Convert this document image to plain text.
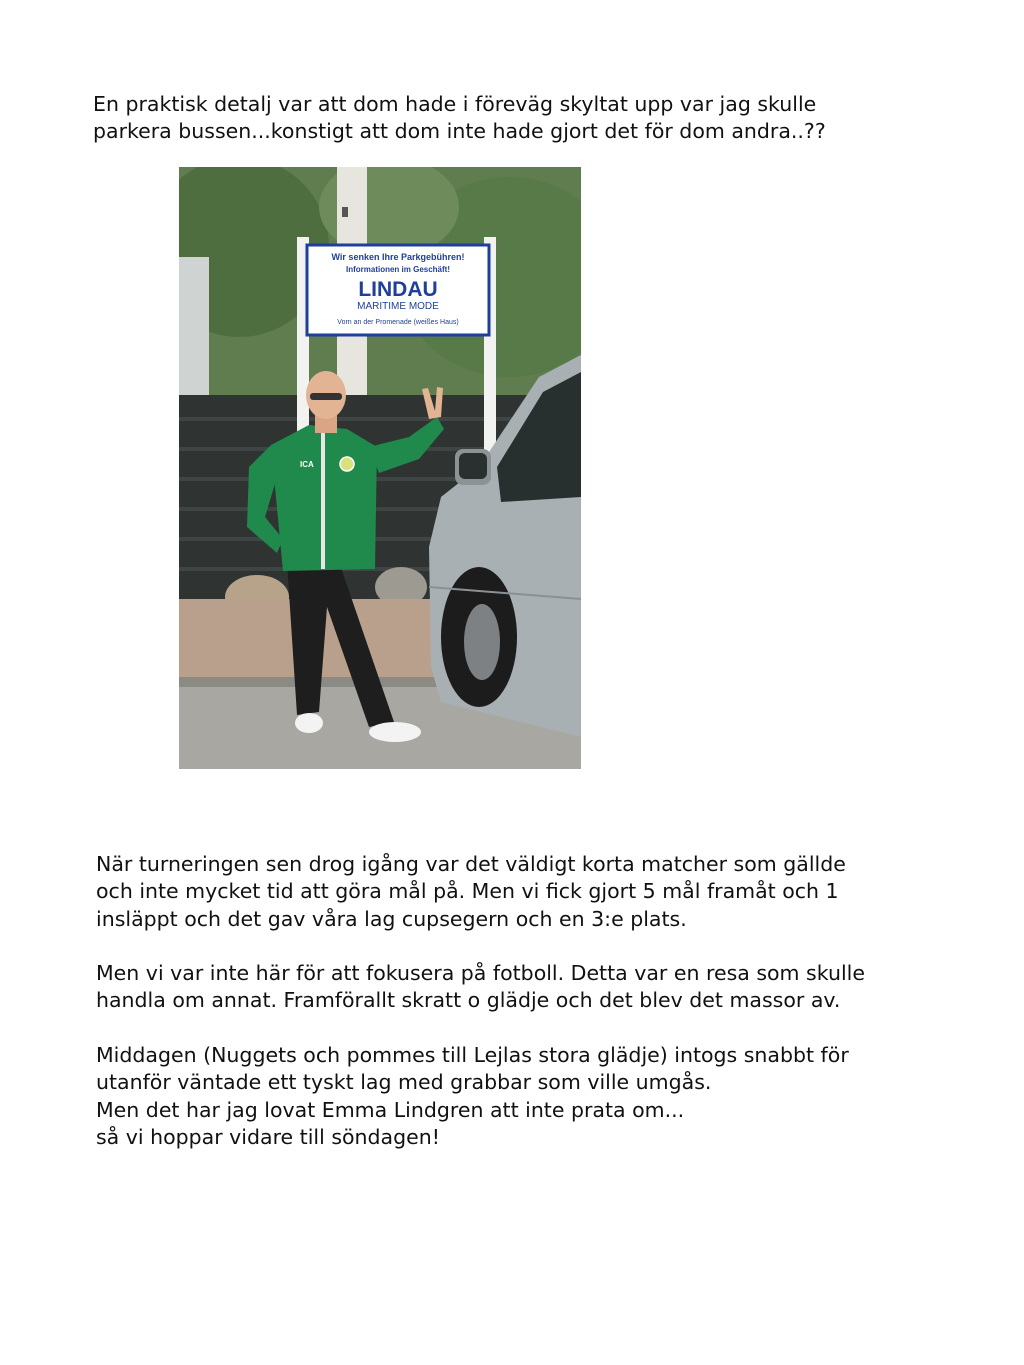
En praktisk detalj var att dom hade i föreväg skyltat upp var jag skulle
parkera bussen...konstigt att dom inte hade gjort det för dom andra..??
Wir senken Ihre Parkgebühren!
Informationen im Geschäft!
LINDAU
MARITIME MODE
Vorn an der Promenade (weißes Haus)
ICA
När turneringen sen drog igång var det väldigt korta matcher som gällde
och inte mycket tid att göra mål på. Men vi fick gjort 5 mål framåt och 1
insläppt och det gav våra lag cupsegern och en 3:e plats.
Men vi var inte här för att fokusera på fotboll. Detta var en resa som skulle
handla om annat. Framförallt skratt o glädje och det blev det massor av.
Middagen (Nuggets och pommes till Lejlas stora glädje) intogs snabbt för
utanför väntade ett tyskt lag med grabbar som ville umgås.
Men det har jag lovat Emma Lindgren att inte prata om...
så vi hoppar vidare till söndagen!
